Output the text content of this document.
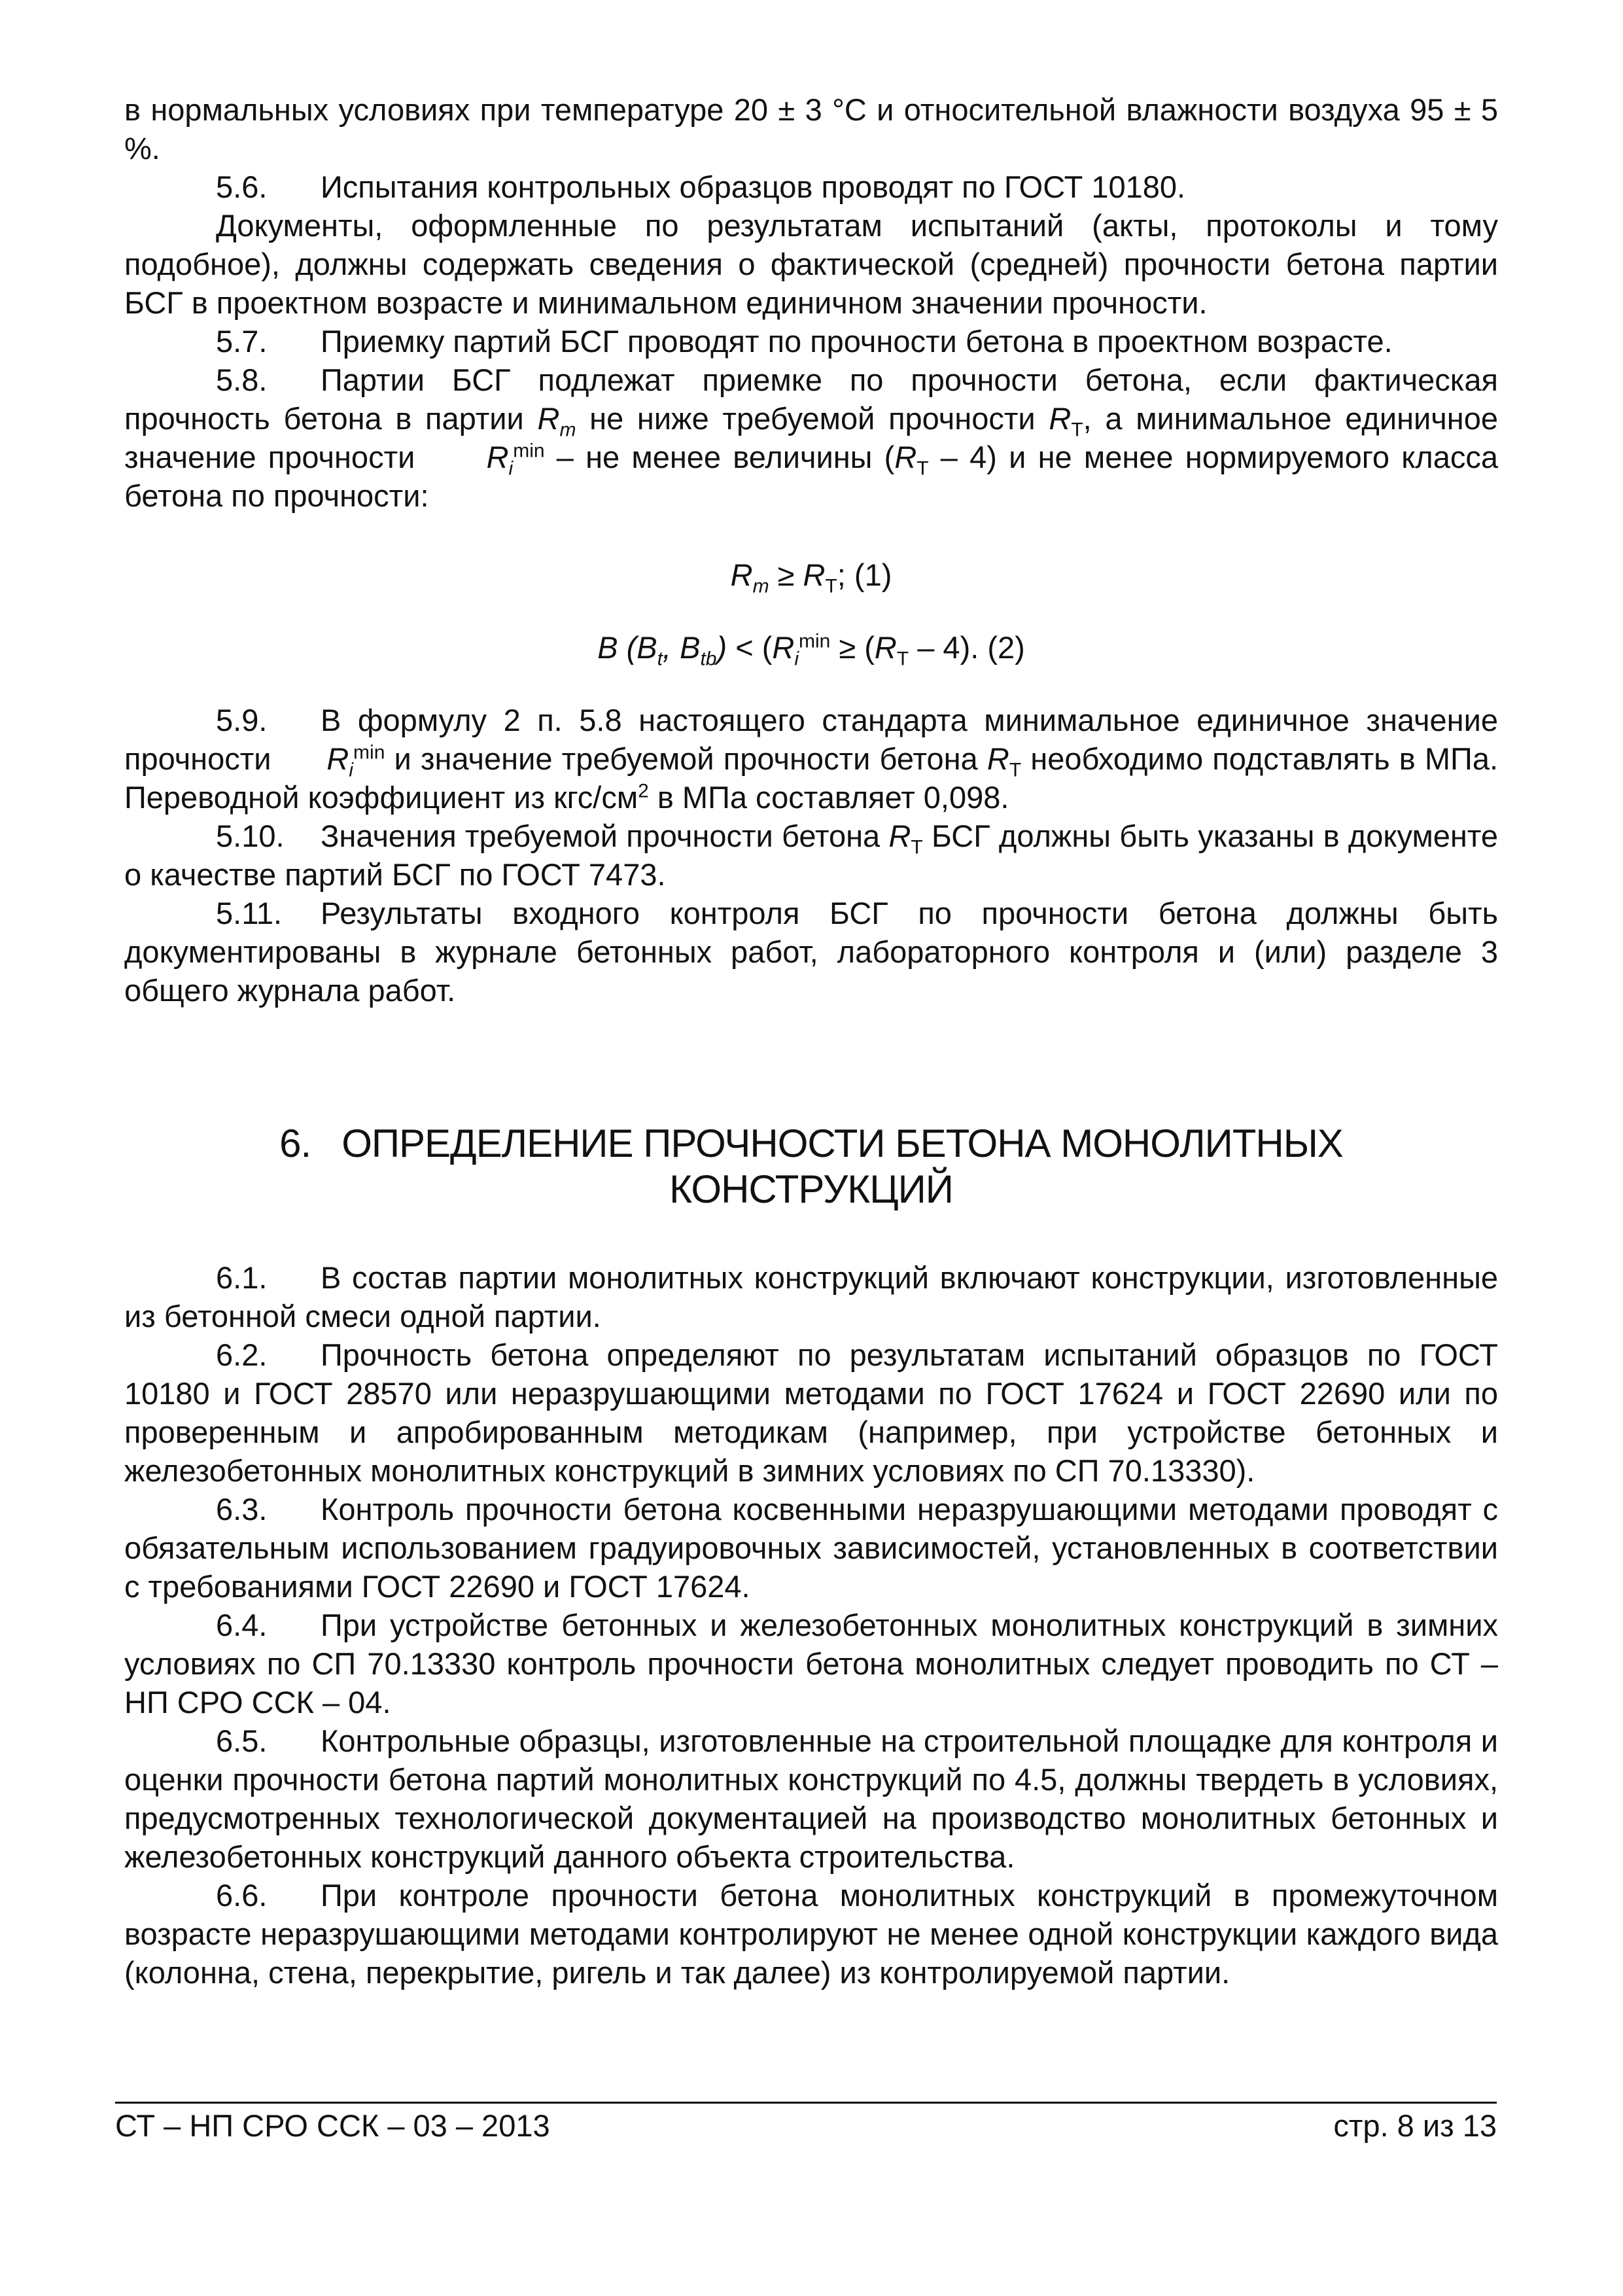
в нормальных условиях при температуре 20 ± 3 °С и относительной влажности воздуха 95 ± 5 %.

5.6. Испытания контрольных образцов проводят по ГОСТ 10180.

Документы, оформленные по результатам испытаний (акты, протоколы и тому подобное), должны содержать сведения о фактической (средней) прочности бетона партии БСГ в проектном возрасте и минимальном единичном значении прочности.

5.7. Приемку партий БСГ проводят по прочности бетона в проектном возрасте.

5.8. Партии БСГ подлежат приемке по прочности бетона, если фактическая прочность бетона в партии $R_m$ не ниже требуемой прочности $R_Т$, а минимальное единичное значение прочности $R_i^{min}$ – не менее величины $(R_Т - 4)$ и не менее нормируемого класса бетона по прочности:

$R_m \ge R_Т$; (1)

B ($B_t$, $B_{tb}) < (R_i^{min} \ge (R_Т - 4)$. (2)

5.9. В формулу 2 п. 5.8 настоящего стандарта минимальное единичное значение прочности $R_i^{min}$ и значение требуемой прочности бетона $R_Т$ необходимо подставлять в МПа. Переводной коэффициент из кгс/$см^2$ в МПа составляет 0,098.

5.10. Значения требуемой прочности бетона $R_Т$ БСГ должны быть указаны в документе о качестве партий БСГ по ГОСТ 7473.

5.11. Результаты входного контроля БСГ по прочности бетона должны быть документированы в журнале бетонных работ, лабораторного контроля и (или) разделе 3 общего журнала работ.

6. ОПРЕДЕЛЕНИЕ ПРОЧНОСТИ БЕТОНА МОНОЛИТНЫХ
КОНСТРУКЦИЙ

6.1. В состав партии монолитных конструкций включают конструкции, изготовленные из бетонной смеси одной партии.

6.2. Прочность бетона определяют по результатам испытаний образцов по ГОСТ 10180 и ГОСТ 28570 или неразрушающими методами по ГОСТ 17624 и ГОСТ 22690 или по проверенным и апробированным методикам (например, при устройстве бетонных и железобетонных монолитных конструкций в зимних условиях по СП 70.13330).

6.3. Контроль прочности бетона косвенными неразрушающими методами проводят с обязательным использованием градуировочных зависимостей, установленных в соответствии с требованиями ГОСТ 22690 и ГОСТ 17624.

6.4. При устройстве бетонных и железобетонных монолитных конструкций в зимних условиях по СП 70.13330 контроль прочности бетона монолитных следует проводить по СТ – НП СРО ССК – 04.

6.5. Контрольные образцы, изготовленные на строительной площадке для контроля и оценки прочности бетона партий монолитных конструкций по 4.5, должны твердеть в условиях, предусмотренных технологической документацией на производство монолитных бетонных и железобетонных конструкций данного объекта строительства.

6.6. При контроле прочности бетона монолитных конструкций в промежуточном возрасте неразрушающими методами контролируют не менее одной конструкции каждого вида (колонна, стена, перекрытие, ригель и так далее) из контролируемой партии.

СТ – НП СРО ССК – 03 – 2013	стр. 8 из 13
